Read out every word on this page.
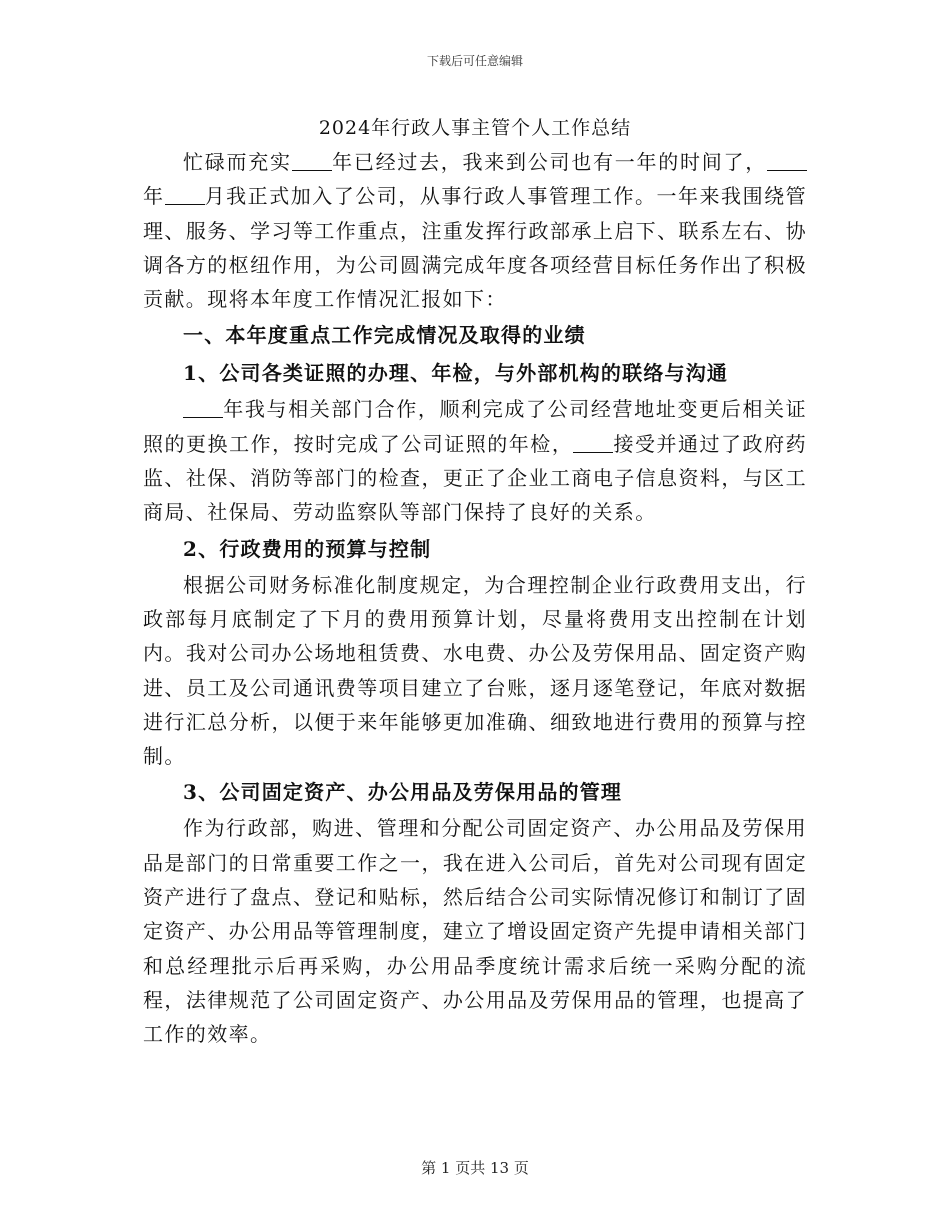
下载后可任意编辑
2024年行政人事主管个人工作总结

忙碌而充实 年已经过去，我来到公司也有一年的时间了，年 月我正式加入了公司，从事行政人事管理工作。一年来我围绕管理、服务、学习等工作重点，注重发挥行政部承上启下、联系左右、协调各方的枢纽作用，为公司圆满完成年度各项经营目标任务作出了积极贡献。现将本年度工作情况汇报如下：

一、本年度重点工作完成情况及取得的业绩
1、公司各类证照的办理、年检，与外部机构的联络与沟通

年我与相关部门合作，顺利完成了公司经营地址变更后相关证照的更换工作，按时完成了公司证照的年检， 接受并通过了政府药监、社保、消防等部门的检查，更正了企业工商电子信息资料，与区工商局、社保局、劳动监察队等部门保持了良好的关系。

2、行政费用的预算与控制

根据公司财务标准化制度规定，为合理控制企业行政费用支出，行政部每月底制定了下月的费用预算计划，尽量将费用支出控制在计划内。我对公司办公场地租赁费、水电费、办公及劳保用品、固定资产购进、员工及公司通讯费等项目建立了台账，逐月逐笔登记，年底对数据进行汇总分析，以便于来年能够更加准确、细致地进行费用的预算与控制。

3、公司固定资产、办公用品及劳保用品的管理

作为行政部，购进、管理和分配公司固定资产、办公用品及劳保用品是部门的日常重要工作之一，我在进入公司后，首先对公司现有固定资产进行了盘点、登记和贴标，然后结合公司实际情况修订和制订了固定资产、办公用品等管理制度，建立了增设固定资产先提申请相关部门和总经理批示后再采购，办公用品季度统计需求后统一采购分配的流程，法律规范了公司固定资产、办公用品及劳保用品的管理，也提高了工作的效率。

第 1 页共 13 页
